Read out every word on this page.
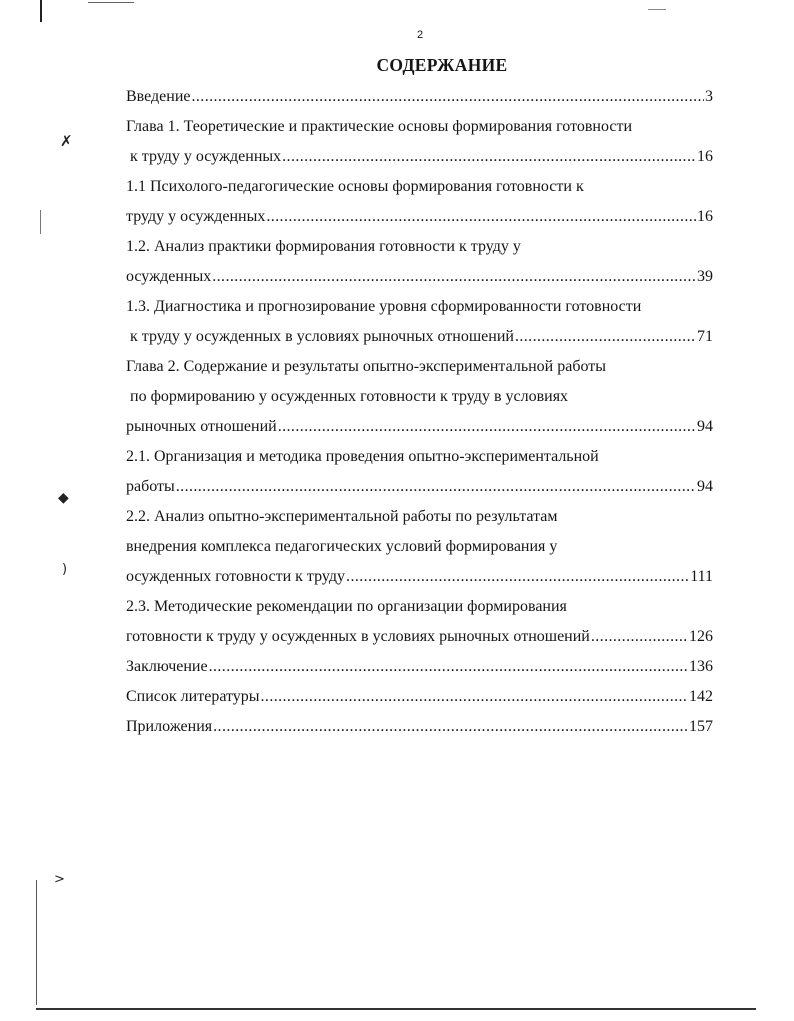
✗
◆
)
>
2
СОДЕРЖАНИЕ
Введение .....	3
Глава 1. Теоретические и практические основы формирования готовности
к труду у осужденных .....	16
1.1 Психолого-педагогические основы формирования готовности к
труду у осужденных .....	16
1.2. Анализ практики формирования готовности к труду у
осужденных .....	39
1.3. Диагностика и прогнозирование уровня сформированности готовности
к труду у осужденных в условиях рыночных отношений .....	71
Глава 2. Содержание и результаты опытно-экспериментальной работы
по формированию у осужденных готовности к труду в условиях
рыночных отношений .....	94
2.1. Организация и методика проведения опытно-экспериментальной
работы .....	94
2.2. Анализ опытно-экспериментальной работы по результатам
внедрения комплекса педагогических условий формирования у
осужденных готовности к труду .....	111
2.3. Методические рекомендации по организации формирования
готовности к труду у осужденных в условиях рыночных отношений .....	126
Заключение .....	136
Список литературы .....	142
Приложения .....	157
